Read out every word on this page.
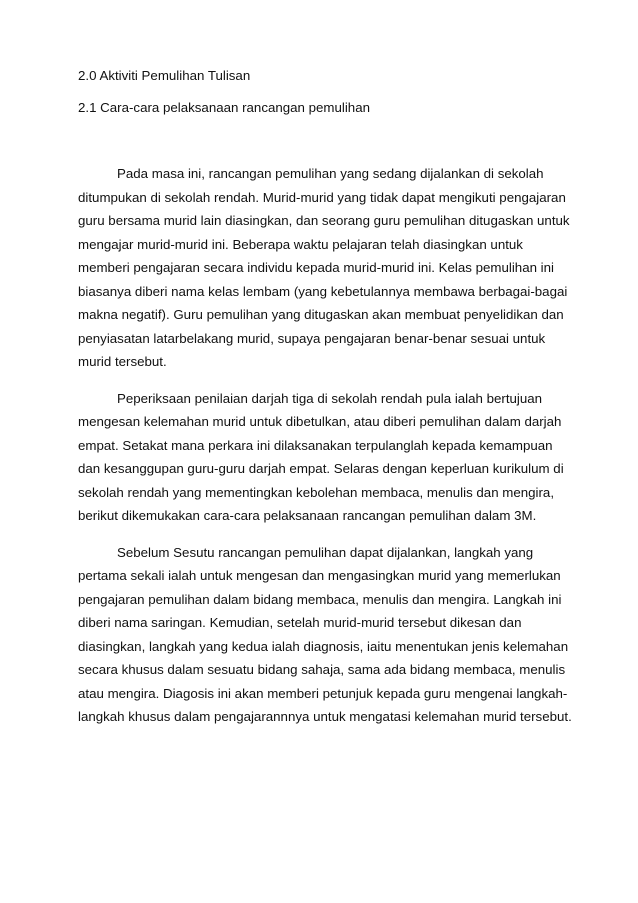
2.0 Aktiviti Pemulihan Tulisan

2.1 Cara-cara pelaksanaan rancangan pemulihan

Pada masa ini, rancangan pemulihan yang sedang dijalankan di sekolah
ditumpukan di sekolah rendah. Murid-murid yang tidak dapat mengikuti pengajaran
guru bersama murid lain diasingkan, dan seorang guru pemulihan ditugaskan untuk
mengajar murid-murid ini. Beberapa waktu pelajaran telah diasingkan untuk
memberi pengajaran secara individu kepada murid-murid ini. Kelas pemulihan ini
biasanya diberi nama kelas lembam (yang kebetulannya membawa berbagai-bagai
makna negatif). Guru pemulihan yang ditugaskan akan membuat penyelidikan dan
penyiasatan latarbelakang murid, supaya pengajaran benar-benar sesuai untuk
murid tersebut.

Peperiksaan penilaian darjah tiga di sekolah rendah pula ialah bertujuan
mengesan kelemahan murid untuk dibetulkan, atau diberi pemulihan dalam darjah
empat. Setakat mana perkara ini dilaksanakan terpulanglah kepada kemampuan
dan kesanggupan guru-guru darjah empat. Selaras dengan keperluan kurikulum di
sekolah rendah yang mementingkan kebolehan membaca, menulis dan mengira,
berikut dikemukakan cara-cara pelaksanaan rancangan pemulihan dalam 3M.

Sebelum Sesutu rancangan pemulihan dapat dijalankan, langkah yang
pertama sekali ialah untuk mengesan dan mengasingkan murid yang memerlukan
pengajaran pemulihan dalam bidang membaca, menulis dan mengira. Langkah ini
diberi nama saringan. Kemudian, setelah murid-murid tersebut dikesan dan
diasingkan, langkah yang kedua ialah diagnosis, iaitu menentukan jenis kelemahan
secara khusus dalam sesuatu bidang sahaja, sama ada bidang membaca, menulis
atau mengira. Diagosis ini akan memberi petunjuk kepada guru mengenai langkah-
langkah khusus dalam pengajarannnya untuk mengatasi kelemahan murid tersebut.
